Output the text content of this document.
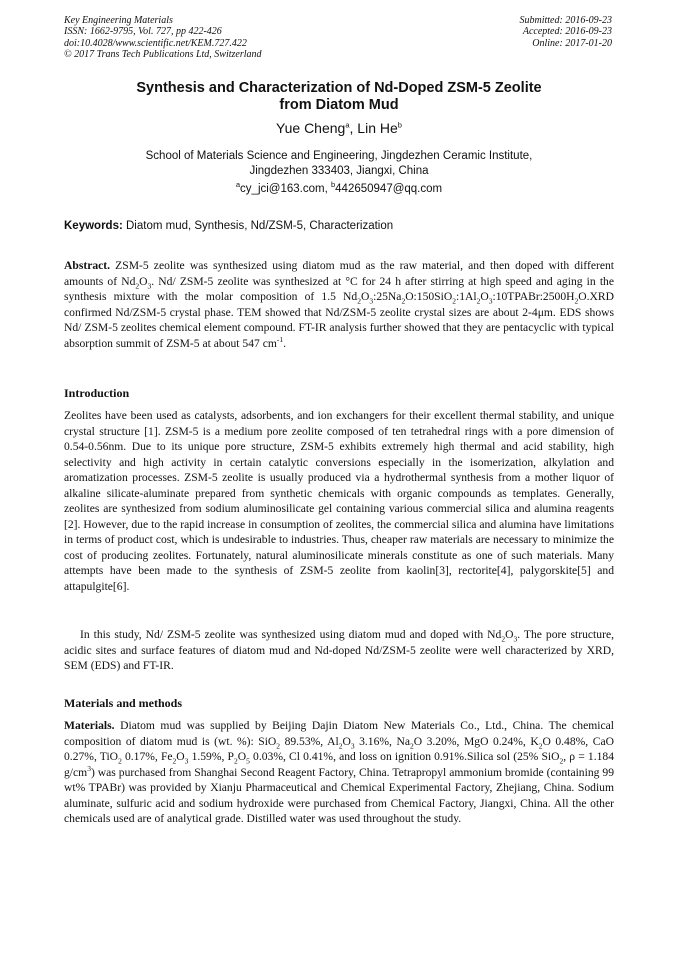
Key Engineering Materials
ISSN: 1662-9795, Vol. 727, pp 422-426
doi:10.4028/www.scientific.net/KEM.727.422
© 2017 Trans Tech Publications Ltd, Switzerland
Submitted: 2016-09-23
Accepted: 2016-09-23
Online: 2017-01-20
Synthesis and Characterization of Nd-Doped ZSM-5 Zeolite
from Diatom Mud
Yue Cheng$^a$, Lin He$^b$
School of Materials Science and Engineering, Jingdezhen Ceramic Institute,
Jingdezhen 333403, Jiangxi, China
$^a$cy_jci@163.com, $^b$442650947@qq.com
Keywords: Diatom mud, Synthesis, Nd/ZSM-5, Characterization
Abstract. ZSM-5 zeolite was synthesized using diatom mud as the raw material, and then doped with different amounts of $Nd_2O_3$. Nd/ ZSM-5 zeolite was synthesized at °C for 24 h after stirring at high speed and aging in the synthesis mixture with the molar composition of 1.5 $Nd_2O_3:25Na_2O:150SiO_2:1Al_2O_3:10TPABr:2500H_2O.XRD$ confirmed Nd/ZSM-5 crystal phase. TEM showed that Nd/ZSM-5 zeolite crystal sizes are about 2-4μm. EDS shows Nd/ ZSM-5 zeolites chemical element compound. FT-IR analysis further showed that they are pentacyclic with typical absorption summit of ZSM-5 at about 547 $cm^{-1}$.
Introduction
Zeolites have been used as catalysts, adsorbents, and ion exchangers for their excellent thermal stability, and unique crystal structure [1]. ZSM-5 is a medium pore zeolite composed of ten tetrahedral rings with a pore dimension of 0.54-0.56nm. Due to its unique pore structure, ZSM-5 exhibits extremely high thermal and acid stability, high selectivity and high activity in certain catalytic conversions especially in the isomerization, alkylation and aromatization processes. ZSM-5 zeolite is usually produced via a hydrothermal synthesis from a mother liquor of alkaline silicate-aluminate prepared from synthetic chemicals with organic compounds as templates. Generally, zeolites are synthesized from sodium aluminosilicate gel containing various commercial silica and alumina reagents [2]. However, due to the rapid increase in consumption of zeolites, the commercial silica and alumina have limitations in terms of product cost, which is undesirable to industries. Thus, cheaper raw materials are necessary to minimize the cost of producing zeolites. Fortunately, natural aluminosilicate minerals constitute as one of such materials. Many attempts have been made to the synthesis of ZSM-5 zeolite from kaolin[3], rectorite[4], palygorskite[5] and attapulgite[6].
In this study, Nd/ ZSM-5 zeolite was synthesized using diatom mud and doped with $Nd_2O_3$. The pore structure, acidic sites and surface features of diatom mud and Nd-doped Nd/ZSM-5 zeolite were well characterized by XRD, SEM (EDS) and FT-IR.
Materials and methods
Materials. Diatom mud was supplied by Beijing Dajin Diatom New Materials Co., Ltd., China. The chemical composition of diatom mud is (wt. %): SiO$_2$ 89.53%, $Al_2O_3$ 3.16%, $Na_2O$ 3.20%, MgO 0.24%, $K_2O$ 0.48%, CaO 0.27%, TiO$_2$ 0.17%, $Fe_2O_3$ 1.59%, $P_2O_5$ 0.03%, Cl 0.41%, and loss on ignition 0.91%.Silica sol (25% SiO$_2$, ρ = 1.184 $g/cm^3$) was purchased from Shanghai Second Reagent Factory, China. Tetrapropyl ammonium bromide (containing 99 wt% TPABr) was provided by Xianju Pharmaceutical and Chemical Experimental Factory, Zhejiang, China. Sodium aluminate, sulfuric acid and sodium hydroxide were purchased from Chemical Factory, Jiangxi, China. All the other chemicals used are of analytical grade. Distilled water was used throughout the study.
